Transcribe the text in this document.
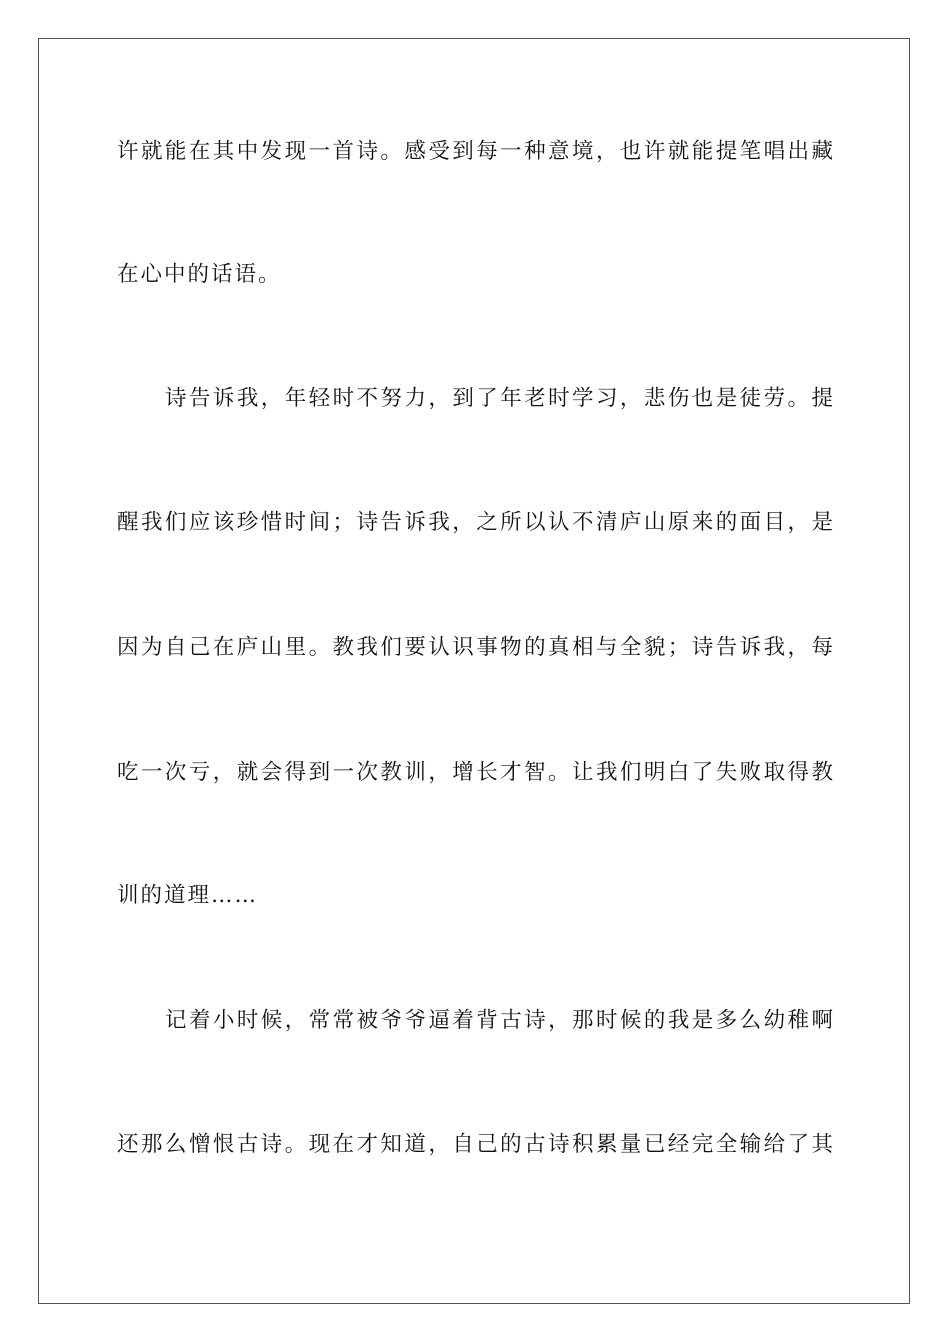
许就能在其中发现一首诗。感受到每一种意境，也许就能提笔唱出藏
在心中的话语。
诗告诉我，年轻时不努力，到了年老时学习，悲伤也是徒劳。提
醒我们应该珍惜时间；诗告诉我，之所以认不清庐山原来的面目，是
因为自己在庐山里。教我们要认识事物的真相与全貌；诗告诉我，每
吃一次亏，就会得到一次教训，增长才智。让我们明白了失败取得教
训的道理……
记着小时候，常常被爷爷逼着背古诗，那时候的我是多么幼稚啊
还那么憎恨古诗。现在才知道，自己的古诗积累量已经完全输给了其
